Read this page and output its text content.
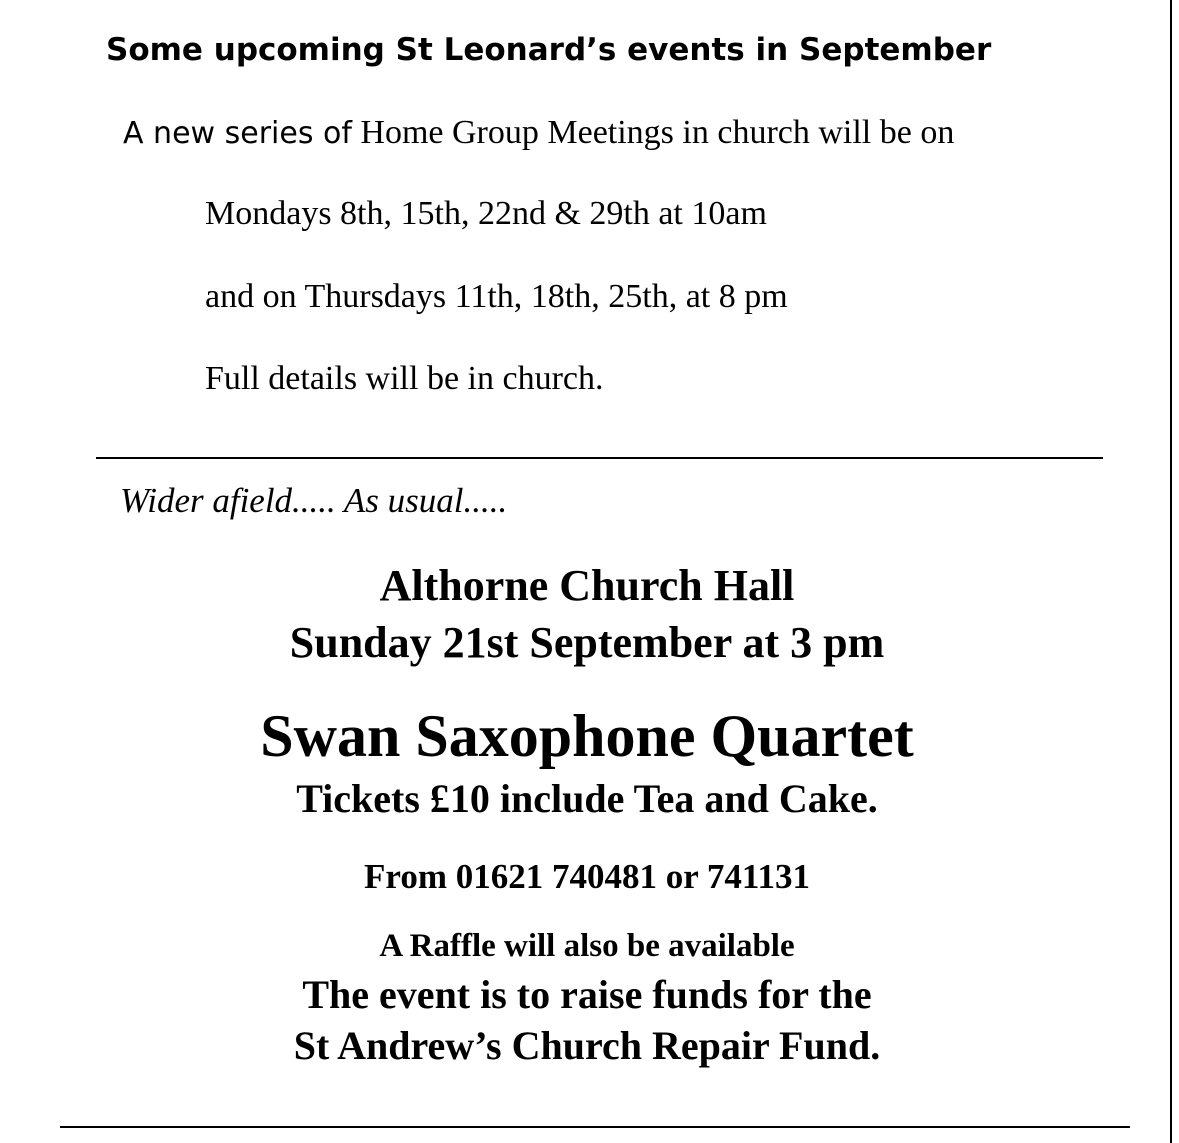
Some upcoming St Leonard’s events in September
A new series of Home Group Meetings in church will be on
Mondays 8th, 15th, 22nd & 29th at 10am
and on Thursdays 11th, 18th, 25th, at 8 pm
Full details will be in church.
Wider afield..... As usual.....
Althorne Church Hall
Sunday 21st September at 3 pm
Swan Saxophone Quartet
Tickets £10 include Tea and Cake.
From 01621 740481 or 741131
A Raffle will also be available
The event is to raise funds for the
St Andrew’s Church Repair Fund.
